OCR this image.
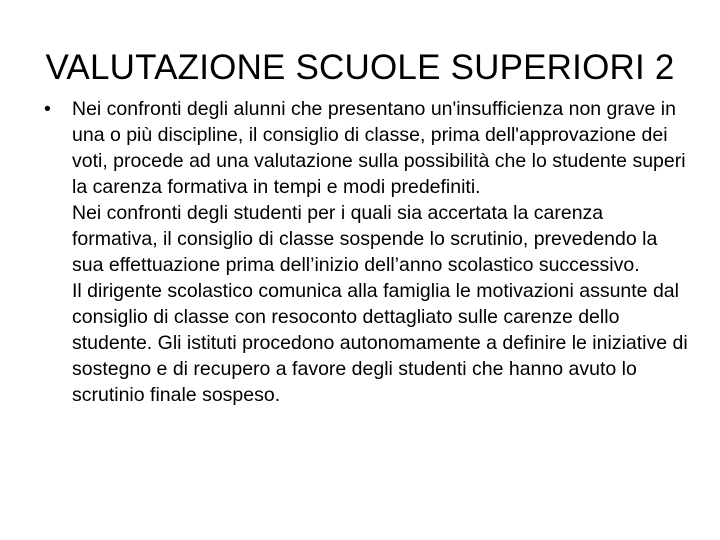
VALUTAZIONE SCUOLE SUPERIORI 2
•	Nei confronti degli alunni che presentano un'insufficienza non grave in una o più discipline, il consiglio di classe, prima dell'approvazione dei voti, procede ad una valutazione sulla possibilità che lo studente superi la carenza formativa in tempi e modi predefiniti.

Nei confronti degli studenti per i quali sia accertata la carenza formativa, il consiglio di classe sospende lo scrutinio, prevedendo la sua effettuazione prima dell’inizio dell’anno scolastico successivo.

Il dirigente scolastico comunica alla famiglia le motivazioni assunte dal consiglio di classe con resoconto dettagliato sulle carenze dello studente. Gli istituti procedono autonomamente a definire le iniziative di sostegno e di recupero a favore degli studenti che hanno avuto lo scrutinio finale sospeso.
